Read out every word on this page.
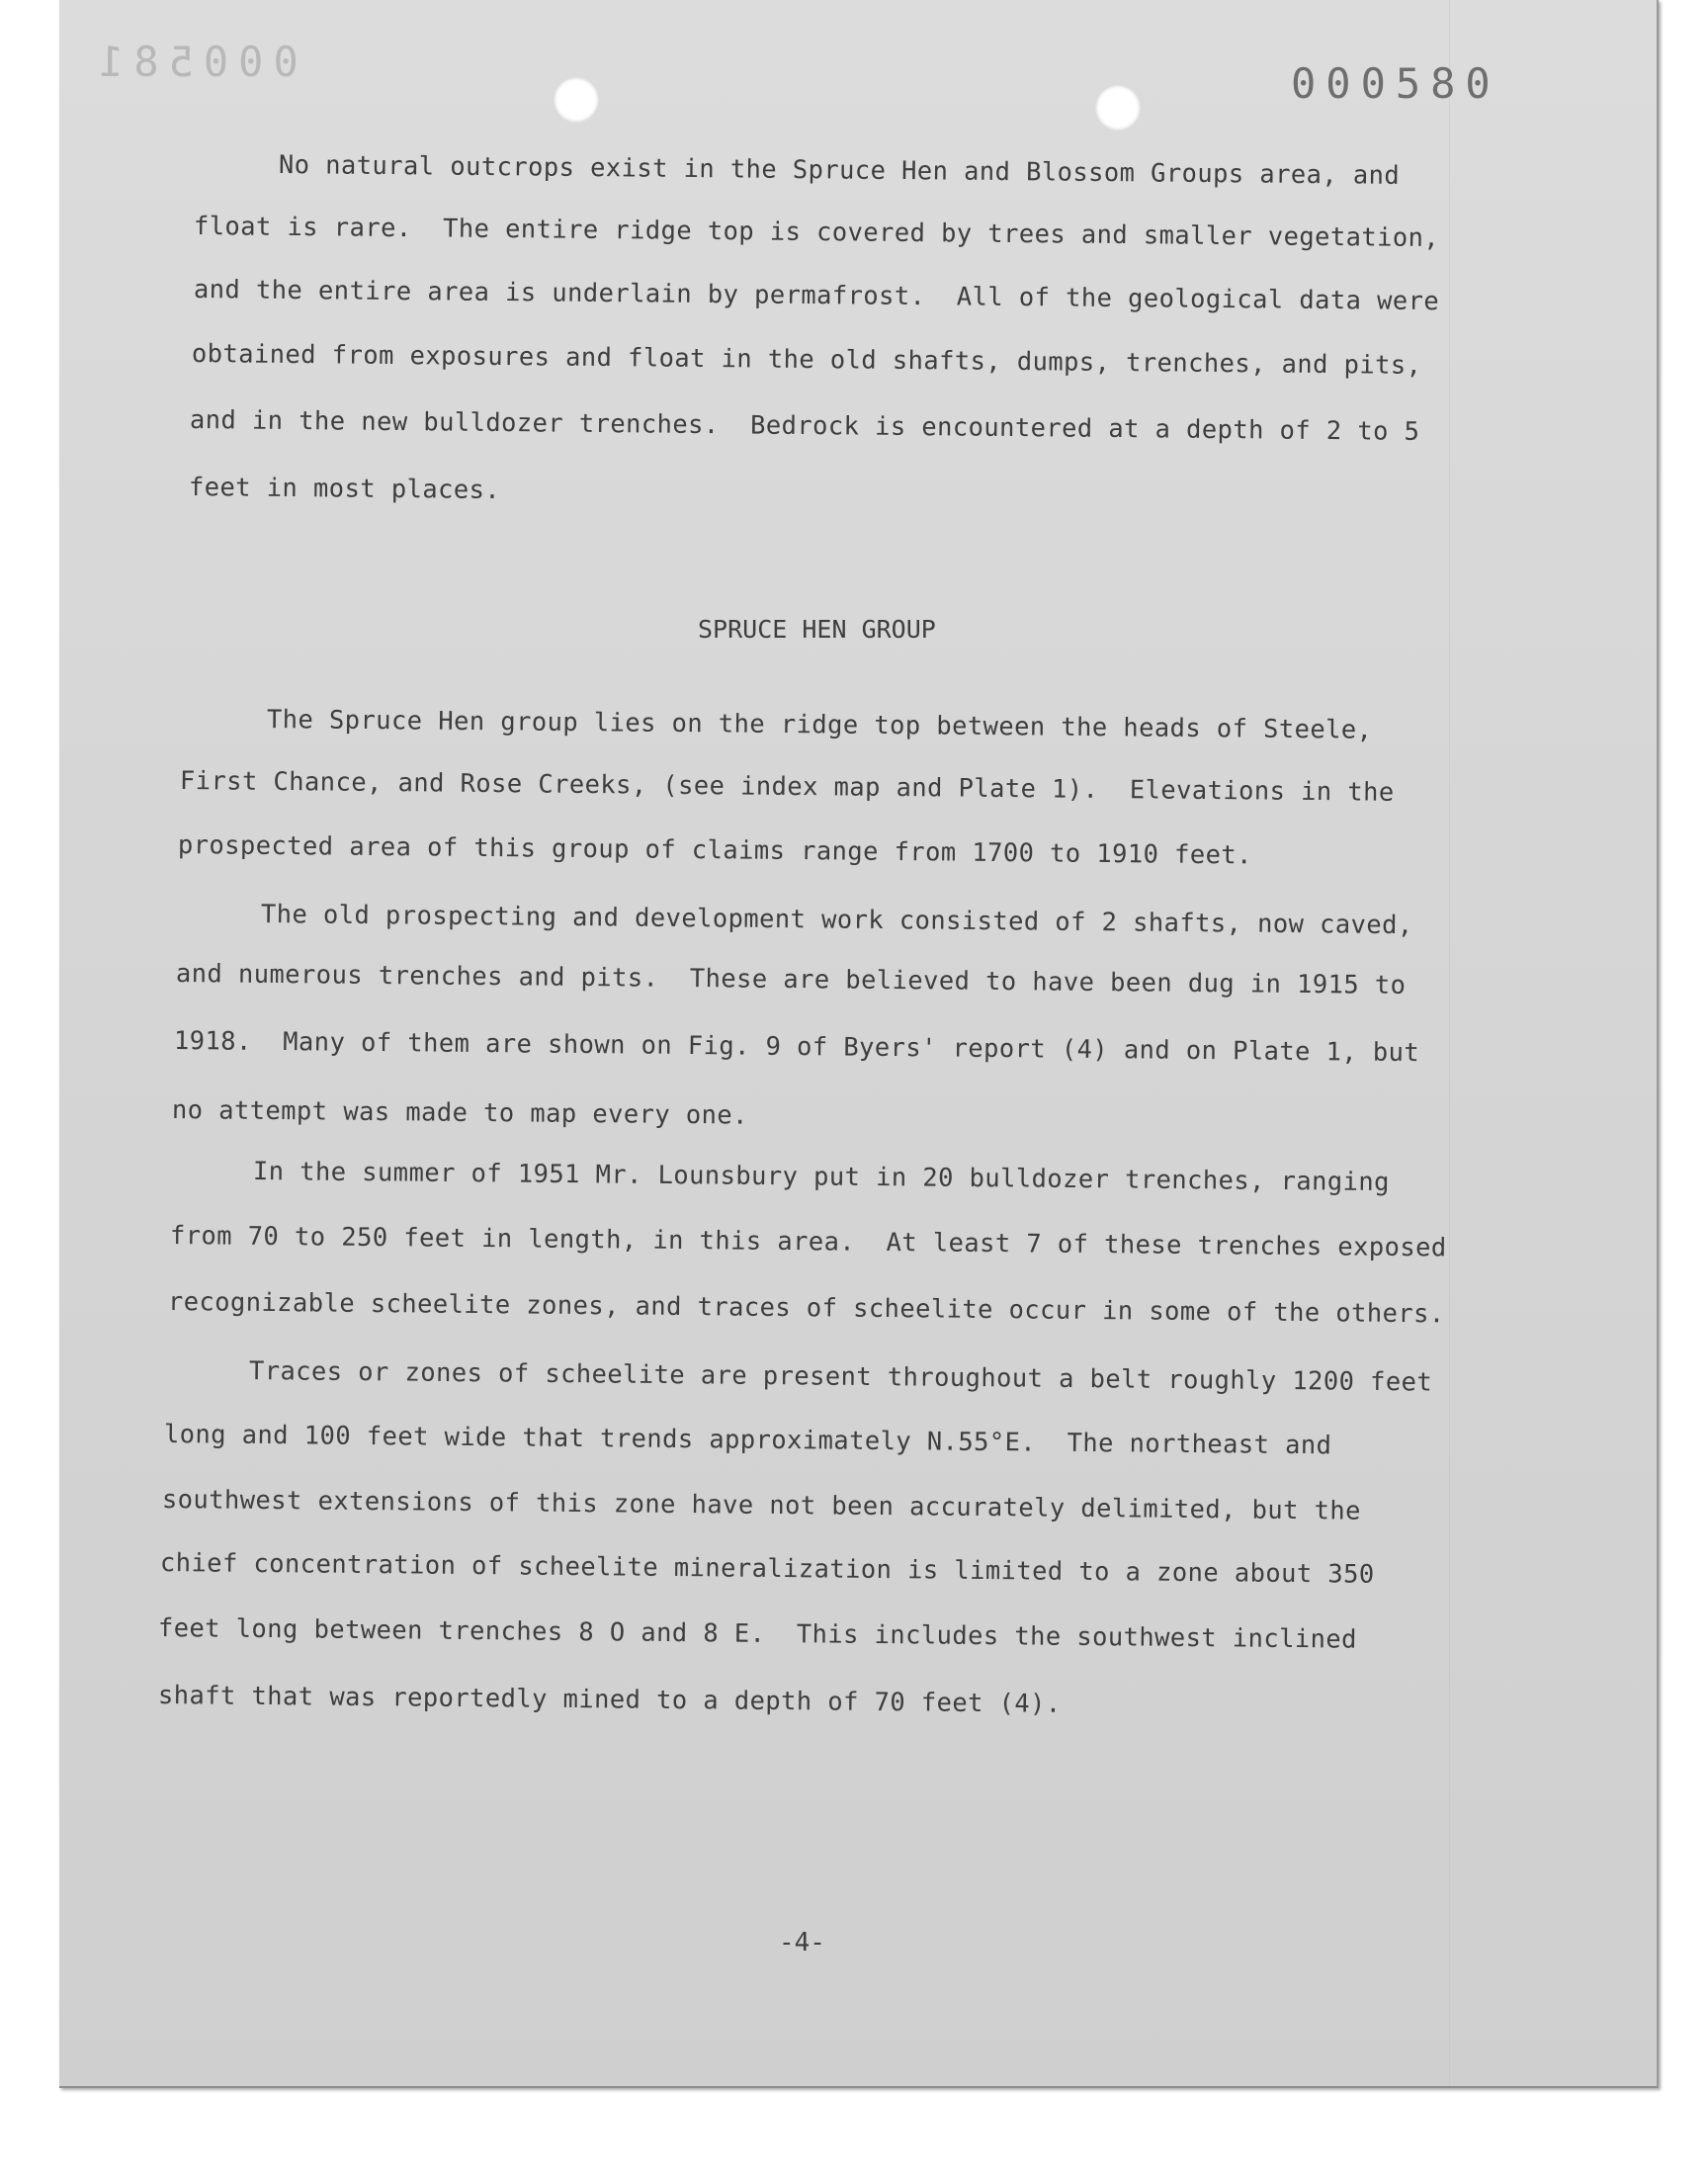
000581	000580
No natural outcrops exist in the Spruce Hen and Blossom Groups area, and
float is rare.  The entire ridge top is covered by trees and smaller vegetation,
and the entire area is underlain by permafrost.  All of the geological data were
obtained from exposures and float in the old shafts, dumps, trenches, and pits,
and in the new bulldozer trenches.  Bedrock is encountered at a depth of 2 to 5
feet in most places.
SPRUCE HEN GROUP
The Spruce Hen group lies on the ridge top between the heads of Steele,
First Chance, and Rose Creeks, (see index map and Plate 1).  Elevations in the
prospected area of this group of claims range from 1700 to 1910 feet.
The old prospecting and development work consisted of 2 shafts, now caved,
and numerous trenches and pits.  These are believed to have been dug in 1915 to
1918.  Many of them are shown on Fig. 9 of Byers' report (4) and on Plate 1, but
no attempt was made to map every one.
In the summer of 1951 Mr. Lounsbury put in 20 bulldozer trenches, ranging
from 70 to 250 feet in length, in this area.  At least 7 of these trenches exposed
recognizable scheelite zones, and traces of scheelite occur in some of the others.
Traces or zones of scheelite are present throughout a belt roughly 1200 feet
long and 100 feet wide that trends approximately N.55°E.  The northeast and
southwest extensions of this zone have not been accurately delimited, but the
chief concentration of scheelite mineralization is limited to a zone about 350
feet long between trenches 8 O and 8 E.  This includes the southwest inclined
shaft that was reportedly mined to a depth of 70 feet (4).
-4-
